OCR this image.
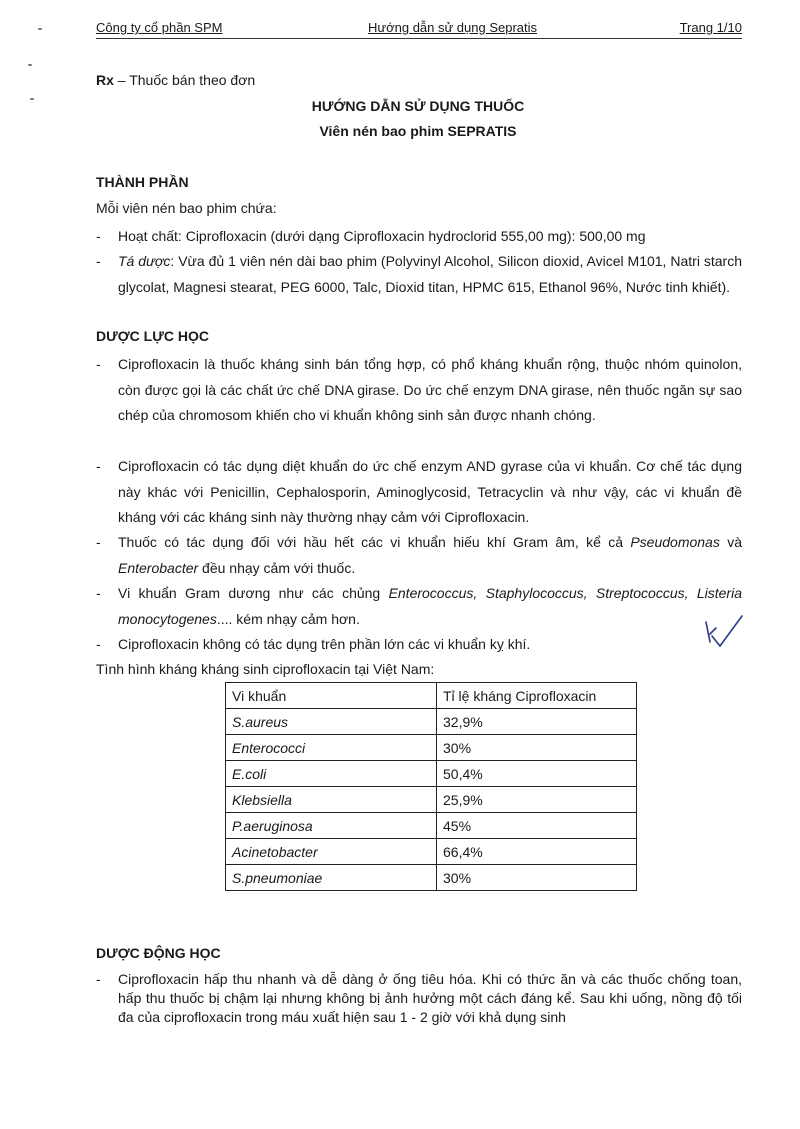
Công ty cổ phần SPM	Hướng dẫn sử dụng Sepratis	Trang 1/10
Rx – Thuốc bán theo đơn
HƯỚNG DẪN SỬ DỤNG THUỐC
Viên nén bao phim SEPRATIS
THÀNH PHẦN
Mỗi viên nén bao phim chứa:
- Hoạt chất: Ciprofloxacin (dưới dạng Ciprofloxacin hydroclorid 555,00 mg): 500,00 mg
- Tá dược: Vừa đủ 1 viên nén dài bao phim (Polyvinyl Alcohol, Silicon dioxid, Avicel M101, Natri starch glycolat, Magnesi stearat, PEG 6000, Talc, Dioxid titan, HPMC 615, Ethanol 96%, Nước tinh khiết).
DƯỢC LỰC HỌC
- Ciprofloxacin là thuốc kháng sinh bán tổng hợp, có phổ kháng khuẩn rộng, thuộc nhóm quinolon, còn được gọi là các chất ức chế DNA girase. Do ức chế enzym DNA girase, nên thuốc ngăn sự sao chép của chromosom khiến cho vi khuẩn không sinh sản được nhanh chóng.
- Ciprofloxacin có tác dụng diệt khuẩn do ức chế enzym AND gyrase của vi khuẩn. Cơ chế tác dụng này khác với Penicillin, Cephalosporin, Aminoglycosid, Tetracyclin và như vậy, các vi khuẩn đề kháng với các kháng sinh này thường nhạy cảm với Ciprofloxacin.
- Thuốc có tác dụng đối với hầu hết các vi khuẩn hiếu khí Gram âm, kể cả Pseudomonas và Enterobacter đều nhạy cảm với thuốc.
- Vi khuẩn Gram dương như các chủng Enterococcus, Staphylococcus, Streptococcus, Listeria monocytogenes.... kém nhạy cảm hơn.
- Ciprofloxacin không có tác dụng trên phần lớn các vi khuẩn kỵ khí.
Tình hình kháng kháng sinh ciprofloxacin tại Việt Nam:
Vi khuẩn	Tỉ lệ kháng Ciprofloxacin
S.aureus	32,9%
Enterococci	30%
E.coli	50,4%
Klebsiella	25,9%
P.aeruginosa	45%
Acinetobacter	66,4%
S.pneumoniae	30%
DƯỢC ĐỘNG HỌC
- Ciprofloxacin hấp thu nhanh và dễ dàng ở ống tiêu hóa. Khi có thức ăn và các thuốc chống toan, hấp thu thuốc bị chậm lại nhưng không bị ảnh hưởng một cách đáng kể. Sau khi uống, nồng độ tối đa của ciprofloxacin trong máu xuất hiện sau 1 - 2 giờ với khả dụng sinh
